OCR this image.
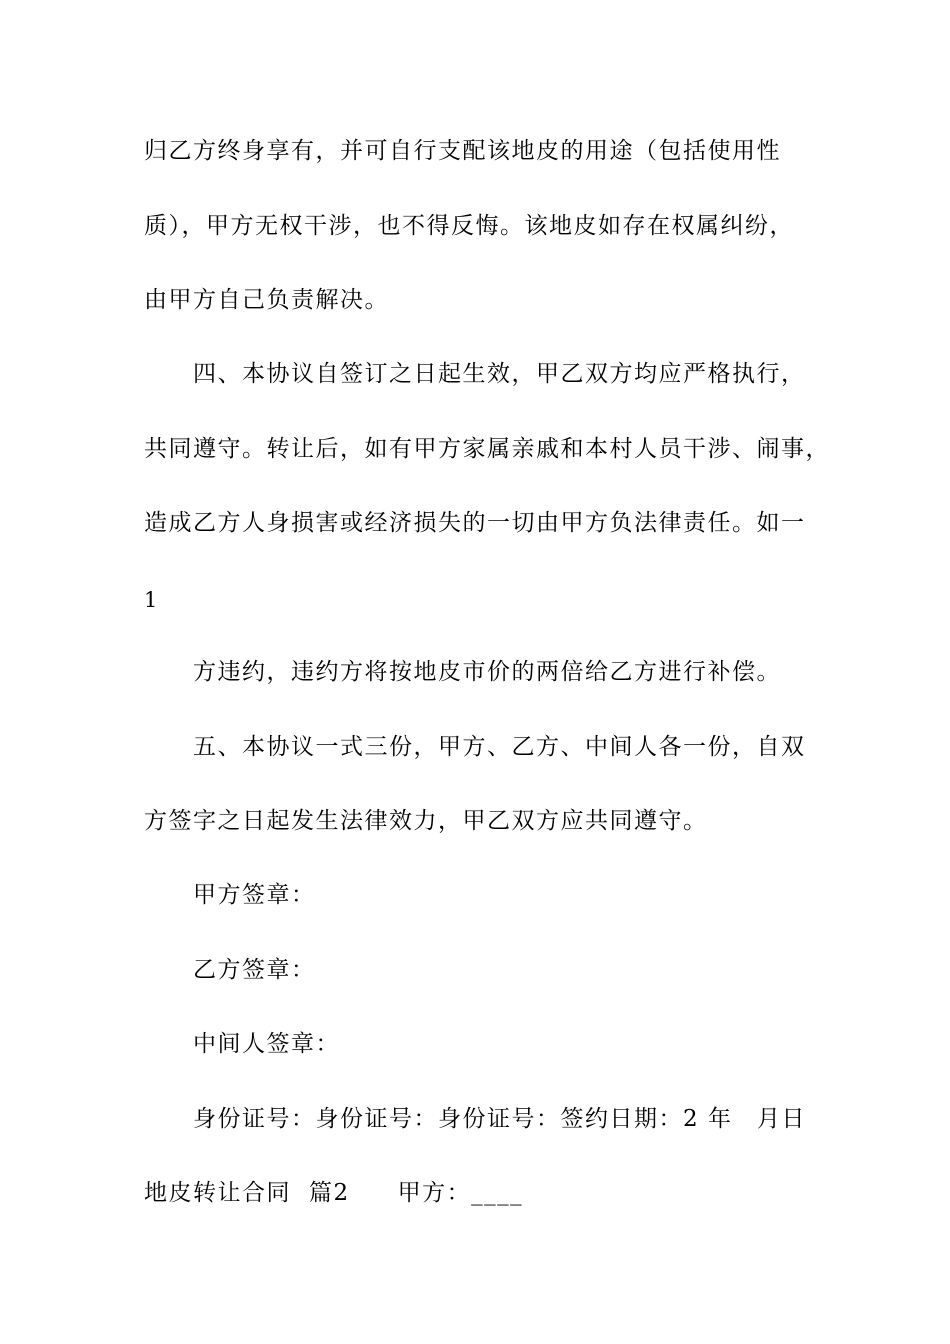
归乙方终身享有，并可自行支配该地皮的用途（包括使用性
质），甲方无权干涉，也不得反悔。该地皮如存在权属纠纷，
由甲方自己负责解决。
四、本协议自签订之日起生效，甲乙双方均应严格执行，
共同遵守。转让后，如有甲方家属亲戚和本村人员干涉、闹事，
造成乙方人身损害或经济损失的一切由甲方负法律责任。如一
1
方违约，违约方将按地皮市价的两倍给乙方进行补偿。
五、本协议一式三份，甲方、乙方、中间人各一份，自双
方签字之日起发生法律效力，甲乙双方应共同遵守。
甲方签章：
乙方签章：
中间人签章：
身份证号：身份证号：身份证号：签约日期：2 年　月日
地皮转让合同 篇2 甲方：____
